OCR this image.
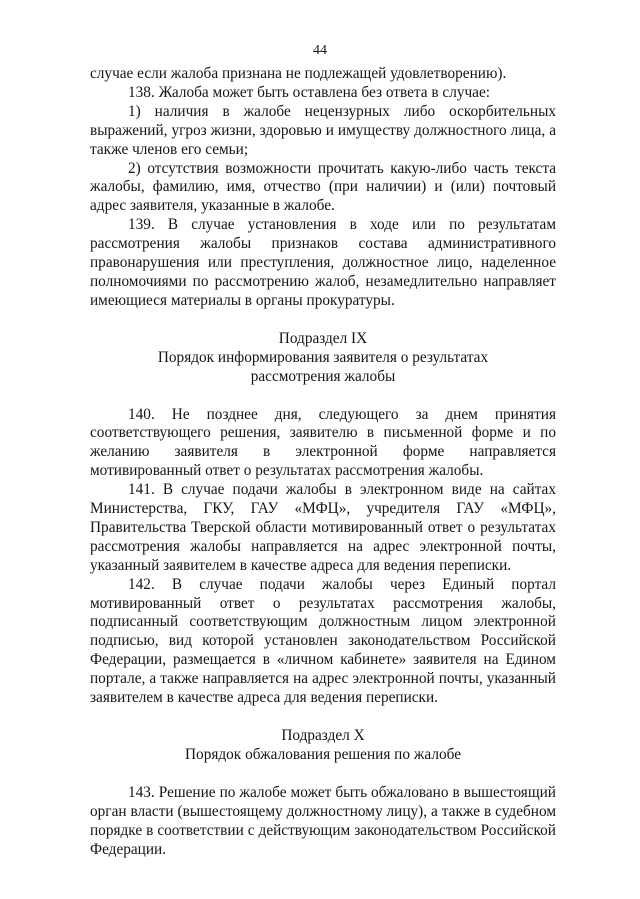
44

случае если жалоба признана не подлежащей удовлетворению).

138. Жалоба может быть оставлена без ответа в случае:

1) наличия в жалобе нецензурных либо оскорбительных выражений, угроз жизни, здоровью и имуществу должностного лица, а также членов его семьи;

2) отсутствия возможности прочитать какую-либо часть текста жалобы, фамилию, имя, отчество (при наличии) и (или) почтовый адрес заявителя, указанные в жалобе.

139. В случае установления в ходе или по результатам рассмотрения жалобы признаков состава административного правонарушения или преступления, должностное лицо, наделенное полномочиями по рассмотрению жалоб, незамедлительно направляет имеющиеся материалы в органы прокуратуры.

Подраздел IX

Порядок информирования заявителя о результатах

рассмотрения жалобы

140. Не позднее дня, следующего за днем принятия соответствующего решения, заявителю в письменной форме и по желанию заявителя в электронной форме направляется мотивированный ответ о результатах рассмотрения жалобы.

141. В случае подачи жалобы в электронном виде на сайтах Министерства, ГКУ, ГАУ «МФЦ», учредителя ГАУ «МФЦ», Правительства Тверской области мотивированный ответ о результатах рассмотрения жалобы направляется на адрес электронной почты, указанный заявителем в качестве адреса для ведения переписки.

142. В случае подачи жалобы через Единый портал мотивированный ответ о результатах рассмотрения жалобы, подписанный соответствующим должностным лицом электронной подписью, вид которой установлен законодательством Российской Федерации, размещается в «личном кабинете» заявителя на Едином портале, а также направляется на адрес электронной почты, указанный заявителем в качестве адреса для ведения переписки.

Подраздел X

Порядок обжалования решения по жалобе

143. Решение по жалобе может быть обжаловано в вышестоящий орган власти (вышестоящему должностному лицу), а также в судебном порядке в соответствии с действующим законодательством Российской Федерации.
